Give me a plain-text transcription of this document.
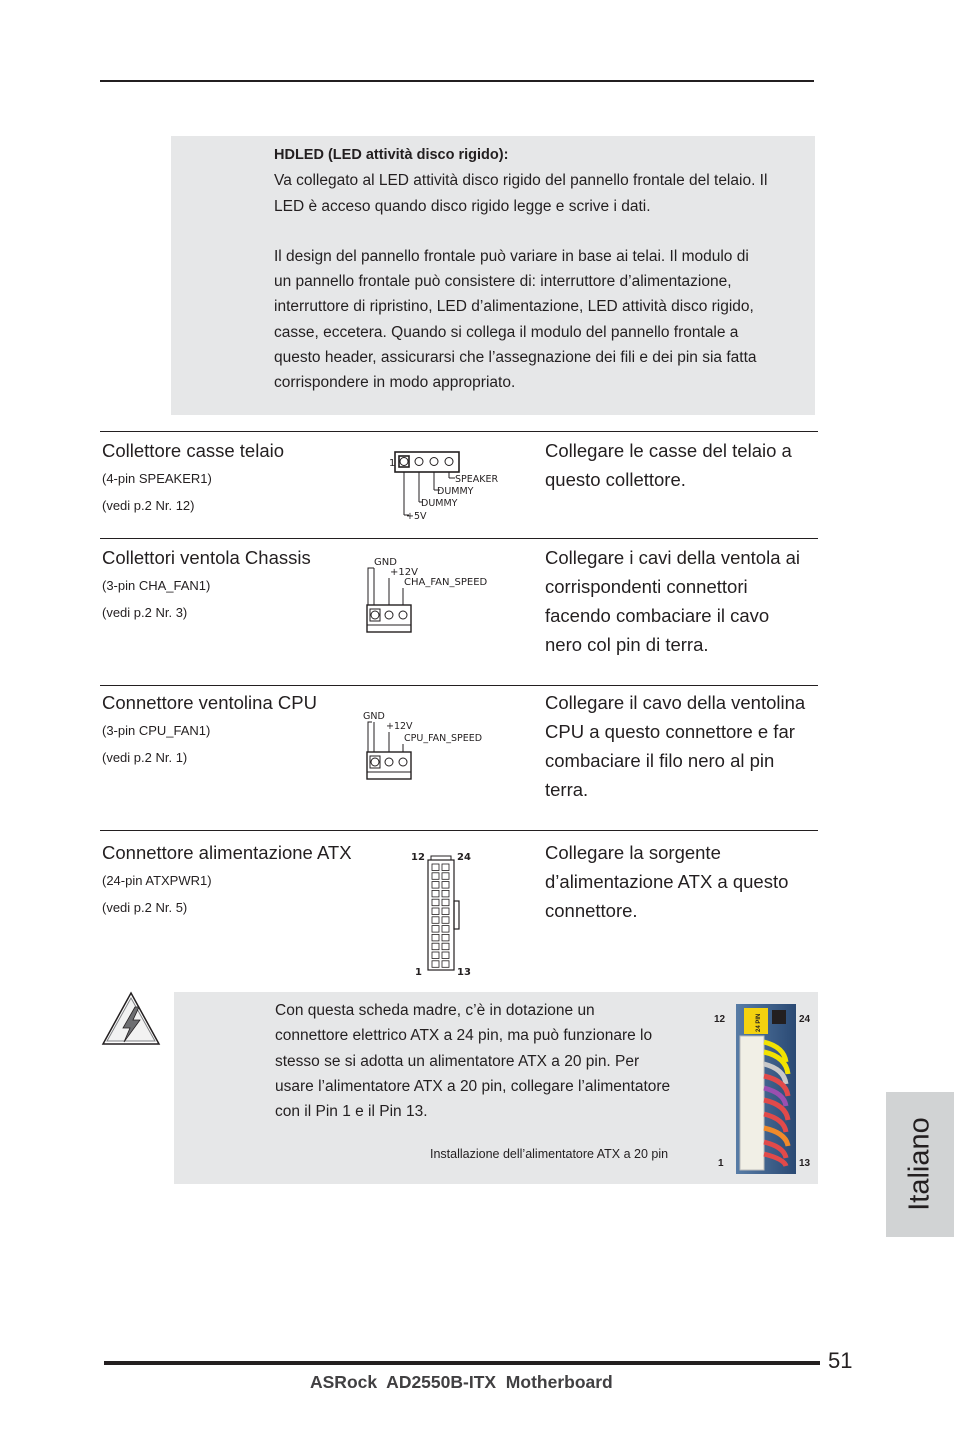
HDLED (LED attività disco rigido):
Va collegato al LED attività disco rigido del pannello frontale del telaio. Il
LED è acceso quando disco rigido legge e scrive i dati.
Il design del pannello frontale può variare in base ai telai. Il modulo di
un pannello frontale può consistere di: interruttore d’alimentazione,
interruttore di ripristino, LED d’alimentazione, LED attività disco rigido,
casse, eccetera. Quando si collega il modulo del pannello frontale a
questo header, assicurarsi che l’assegnazione dei fili e dei pin sia fatta
corrispondere in modo appropriato.
Collettore casse telaio
(4-pin SPEAKER1)
(vedi p.2 Nr. 12)
1
SPEAKER
DUMMY
DUMMY
+5V
Collegare le casse del telaio a
questo collettore.
Collettori ventola Chassis
(3-pin CHA_FAN1)
(vedi p.2 Nr. 3)
GND
+12V
CHA_FAN_SPEED
Collegare i cavi della ventola ai
corrispondenti connettori
facendo combaciare il cavo
nero col pin di terra.
Connettore ventolina CPU
(3-pin CPU_FAN1)
(vedi p.2 Nr. 1)
GND
+12V
CPU_FAN_SPEED
Collegare il cavo della ventolina
CPU a questo connettore e far
combaciare il filo nero al pin
terra.
Connettore alimentazione ATX
(24-pin ATXPWR1)
(vedi p.2 Nr. 5)
12	24
1	13
Collegare la sorgente
d’alimentazione ATX a questo
connettore.
Con questa scheda madre, c’è in dotazione un
connettore elettrico ATX a 24 pin, ma può funzionare lo
stesso se si adotta un alimentatore ATX a 20 pin. Per
usare l’alimentatore ATX a 20 pin, collegare l’alimentatore
con il Pin 1 e il Pin 13.
Installazione dell’alimentatore ATX a 20 pin
12	24
1	13
24 PIN
Italiano
51
ASRock  AD2550B-ITX  Motherboard
